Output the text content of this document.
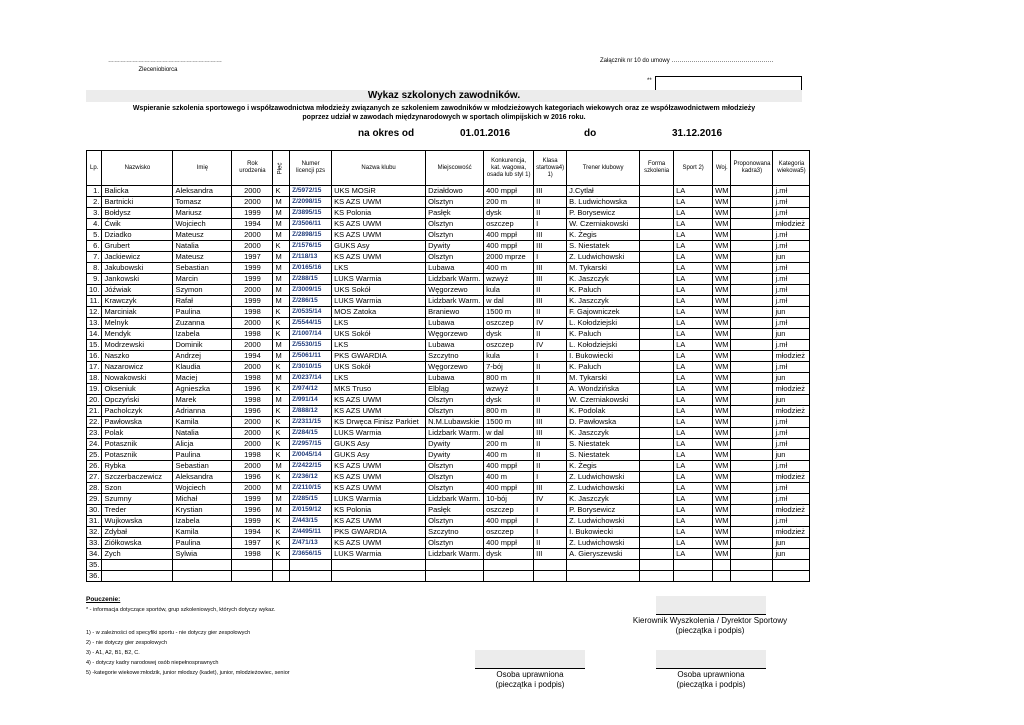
…………………………………………………
Zleceniobiorca
Załącznik nr 10 do umowy ……………………………………………
**
Wykaz szkolonych zawodników.
Wspieranie szkolenia sportowego i współzawodnictwa młodzieży związanych ze szkoleniem zawodników w młodzieżowych kategoriach wiekowych oraz ze współzawodnictwem młodzieży
poprzez udział w zawodach międzynarodowych w sportach olimpijskich w 2016 roku.
na okres od	01.01.2016	do	31.12.2016
Lp.	Nazwisko	Imię	Rok urodzenia	Płeć	Numer licencji pzs	Nazwa klubu	Miejscowość	Konkurencja, kat. wagowa, osada lub styl 1)	Klasa startowa4) 1)	Trener klubowy	Forma szkolenia	Sport 2)	Woj.	Proponowana kadra3)	Kategoria wiekowa5)
1.	Balicka	Aleksandra	2000	K	Z/5972/15	UKS MOSiR	Działdowo	400 mppł	III	J.Cytlał		LA	WM		j.mł
2.	Bartnicki	Tomasz	2000	M	Z/2098/15	KS AZS UWM	Olsztyn	200 m	II	B. Ludwichowska		LA	WM		j.mł
3.	Bołdysz	Mariusz	1999	M	Z/3895/15	KS Polonia	Pasłęk	dysk	II	P. Borysewicz		LA	WM		j.mł
4.	Ćwik	Wojciech	1994	M	Z/3506/11	KS AZS UWM	Olsztyn	oszczep	I	W. Czerniakowski		LA	WM		młodzież
5.	Dziadko	Mateusz	2000	M	Z/2898/15	KS AZS UWM	Olsztyn	400 mppł	III	K. Żegis		LA	WM		j.mł
6.	Grubert	Natalia	2000	K	Z/1576/15	GUKS Asy	Dywity	400 mppł	III	S. Niestatek		LA	WM		j.mł
7.	Jackiewicz	Mateusz	1997	M	Z/118/13	KS AZS UWM	Olsztyn	2000 mprze	I	Z. Ludwichowski		LA	WM		jun
8.	Jakubowski	Sebastian	1999	M	Z/0165/16	LKS	Lubawa	400 m	III	M. Tykarski		LA	WM		j.mł
9.	Jankowski	Marcin	1999	M	Z/288/15	LUKS Warmia	Lidzbark Warm.	wzwyż	III	K. Jaszczyk		LA	WM		j.mł
10.	Jóźwiak	Szymon	2000	M	Z/3009/15	UKS Sokół	Węgorzewo	kula	II	K. Paluch		LA	WM		j.mł
11.	Krawczyk	Rafał	1999	M	Z/286/15	LUKS Warmia	Lidzbark Warm.	w dal	III	K. Jaszczyk		LA	WM		j.mł
12.	Marciniak	Paulina	1998	K	Z/0535/14	MOS Zatoka	Braniewo	1500 m	II	F. Gajowniczek		LA	WM		jun
13.	Melnyk	Zuzanna	2000	K	Z/5544/15	LKS	Lubawa	oszczep	IV	L. Kołodziejski		LA	WM		j.mł
14.	Mendyk	Izabela	1998	K	Z/1007/14	UKS Sokół	Węgorzewo	dysk	II	K. Paluch		LA	WM		jun
15.	Modrzewski	Dominik	2000	M	Z/5530/15	LKS	Lubawa	oszczep	IV	L. Kołodziejski		LA	WM		j.mł
16.	Naszko	Andrzej	1994	M	Z/5061/11	PKS GWARDIA	Szczytno	kula	I	I. Bukowiecki		LA	WM		młodzież
17.	Nazarowicz	Klaudia	2000	K	Z/3010/15	UKS Sokół	Węgorzewo	7-bój	II	K. Paluch		LA	WM		j.mł
18.	Nowakowski	Maciej	1998	M	Z/0237/14	LKS	Lubawa	800 m	II	M. Tykarski		LA	WM		jun
19.	Okseniuk	Agnieszka	1996	K	Z/974/12	MKS Truso	Elbląg	wzwyż	I	A. Wondzińska		LA	WM		młodzież
20.	Opczyński	Marek	1998	M	Z/991/14	KS AZS UWM	Olsztyn	dysk	II	W. Czerniakowski		LA	WM		jun
21.	Pacholczyk	Adrianna	1996	K	Z/888/12	KS AZS UWM	Olsztyn	800 m	II	K. Podolak		LA	WM		młodzież
22.	Pawłowska	Kamila	2000	K	Z/2311/15	KS Drwęca Finisz Parkiet	N.M.Lubawskie	1500 m	III	D. Pawłowska		LA	WM		j.mł
23.	Polak	Natalia	2000	K	Z/284/15	LUKS Warmia	Lidzbark Warm.	w dal	III	K. Jaszczyk		LA	WM		j.mł
24.	Potasznik	Alicja	2000	K	Z/2957/15	GUKS Asy	Dywity	200 m	II	S. Niestatek		LA	WM		j.mł
25.	Potasznik	Paulina	1998	K	Z/0045/14	GUKS Asy	Dywity	400 m	II	S. Niestatek		LA	WM		jun
26.	Rybka	Sebastian	2000	M	Z/2422/15	KS AZS UWM	Olsztyn	400 mppł	II	K. Żegis		LA	WM		j.mł
27.	Szczerbaczewicz	Aleksandra	1996	K	Z/236/12	KS AZS UWM	Olsztyn	400 m	I	Z. Ludwichowski		LA	WM		młodzież
28.	Szon	Wojciech	2000	M	Z/2110/15	KS AZS UWM	Olsztyn	400 mppł	III	Z. Ludwichowski		LA	WM		j.mł
29.	Szumny	Michał	1999	M	Z/285/15	LUKS Warmia	Lidzbark Warm.	10-bój	IV	K. Jaszczyk		LA	WM		j.mł
30.	Treder	Krystian	1996	M	Z/0159/12	KS Polonia	Pasłęk	oszczep	I	P. Borysewicz		LA	WM		młodzież
31.	Wujkowska	Izabela	1999	K	Z/443/15	KS AZS UWM	Olsztyn	400 mppł	I	Z. Ludwichowski		LA	WM		j.mł
32.	Zdybał	Kamila	1994	K	Z/4495/11	PKS GWARDIA	Szczytno	oszczep	I	I. Bukowiecki		LA	WM		młodzież
33.	Ziółkowska	Paulina	1997	K	Z/471/13	KS AZS UWM	Olsztyn	400 mppł	II	Z. Ludwichowski		LA	WM		jun
34.	Zych	Sylwia	1998	K	Z/3656/15	LUKS Warmia	Lidzbark Warm.	dysk	III	A. Gieryszewski		LA	WM		jun
35.															
36.															
Pouczenie:
* - informacja dotyczące sportów, grup szkoleniowych, których dotyczy wykaz.
1) - w zależności od specyfiki sportu - nie dotyczy gier zespołowych
2) - nie dotyczy gier zespołowych
3) - A1, A2, B1, B2, C.
4) - dotyczy kadry narodowej osób niepełnosprawnych
5) -kategorie wiekowe:młodzik, junior młodszy (kadet), junior, młodzieżowiec, senior
Kierownik Wyszkolenia / Dyrektor Sportowy
(pieczątka i podpis)
Osoba uprawniona
(pieczątka i podpis)
Osoba uprawniona
(pieczątka i podpis)
